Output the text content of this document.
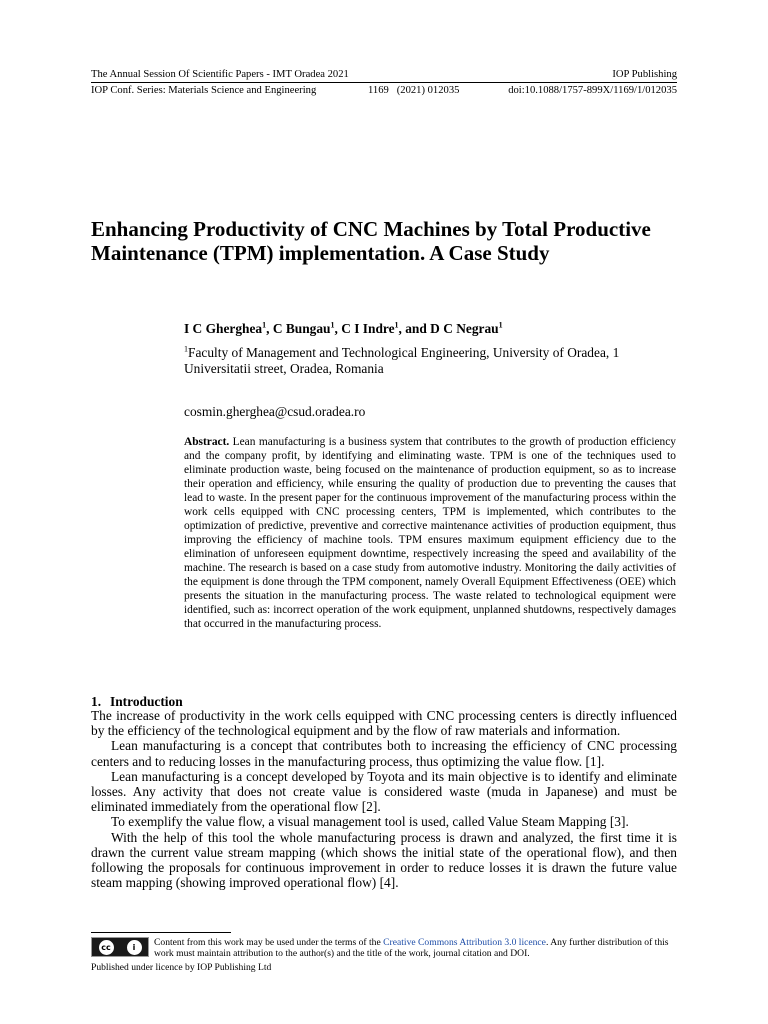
The Annual Session Of Scientific Papers - IMT Oradea 2021	IOP Publishing
IOP Conf. Series: Materials Science and Engineering	1169   (2021) 012035	doi:10.1088/1757-899X/1169/1/012035
Enhancing Productivity of CNC Machines by Total Productive Maintenance (TPM) implementation. A Case Study
I C Gherghea$^1$, C Bungau$^1$, C I Indre$^1$, and D C Negrau$^1$

$^1$Faculty of Management and Technological Engineering, University of Oradea, 1 Universitatii street, Oradea, Romania

cosmin.gherghea@csud.oradea.ro

Abstract. Lean manufacturing is a business system that contributes to the growth of production efficiency and the company profit, by identifying and eliminating waste. TPM is one of the techniques used to eliminate production waste, being focused on the maintenance of production equipment, so as to increase their operation and efficiency, while ensuring the quality of production due to preventing the causes that lead to waste. In the present paper for the continuous improvement of the manufacturing process within the work cells equipped with CNC processing centers, TPM is implemented, which contributes to the optimization of predictive, preventive and corrective maintenance activities of production equipment, thus improving the efficiency of machine tools. TPM ensures maximum equipment efficiency due to the elimination of unforeseen equipment downtime, respectively increasing the speed and availability of the machine. The research is based on a case study from automotive industry. Monitoring the daily activities of the equipment is done through the TPM component, namely Overall Equipment Effectiveness (OEE) which presents the situation in the manufacturing process. The waste related to technological equipment were identified, such as: incorrect operation of the work equipment, unplanned shutdowns, respectively damages that occurred in the manufacturing process.

1. Introduction

The increase of productivity in the work cells equipped with CNC processing centers is directly influenced by the efficiency of the technological equipment and by the flow of raw materials and information.

Lean manufacturing is a concept that contributes both to increasing the efficiency of CNC processing centers and to reducing losses in the manufacturing process, thus optimizing the value flow. [1].

Lean manufacturing is a concept developed by Toyota and its main objective is to identify and eliminate losses. Any activity that does not create value is considered waste (muda in Japanese) and must be eliminated immediately from the operational flow [2].

To exemplify the value flow, a visual management tool is used, called Value Steam Mapping [3].

With the help of this tool the whole manufacturing process is drawn and analyzed, the first time it is drawn the current value stream mapping (which shows the initial state of the operational flow), and then following the proposals for continuous improvement in order to reduce losses it is drawn the future value steam mapping (showing improved operational flow) [4].

cc	i	Content from this work may be used under the terms of the Creative Commons Attribution 3.0 licence. Any further distribution of this work must maintain attribution to the author(s) and the title of the work, journal citation and DOI.
Published under licence by IOP Publishing Ltd
